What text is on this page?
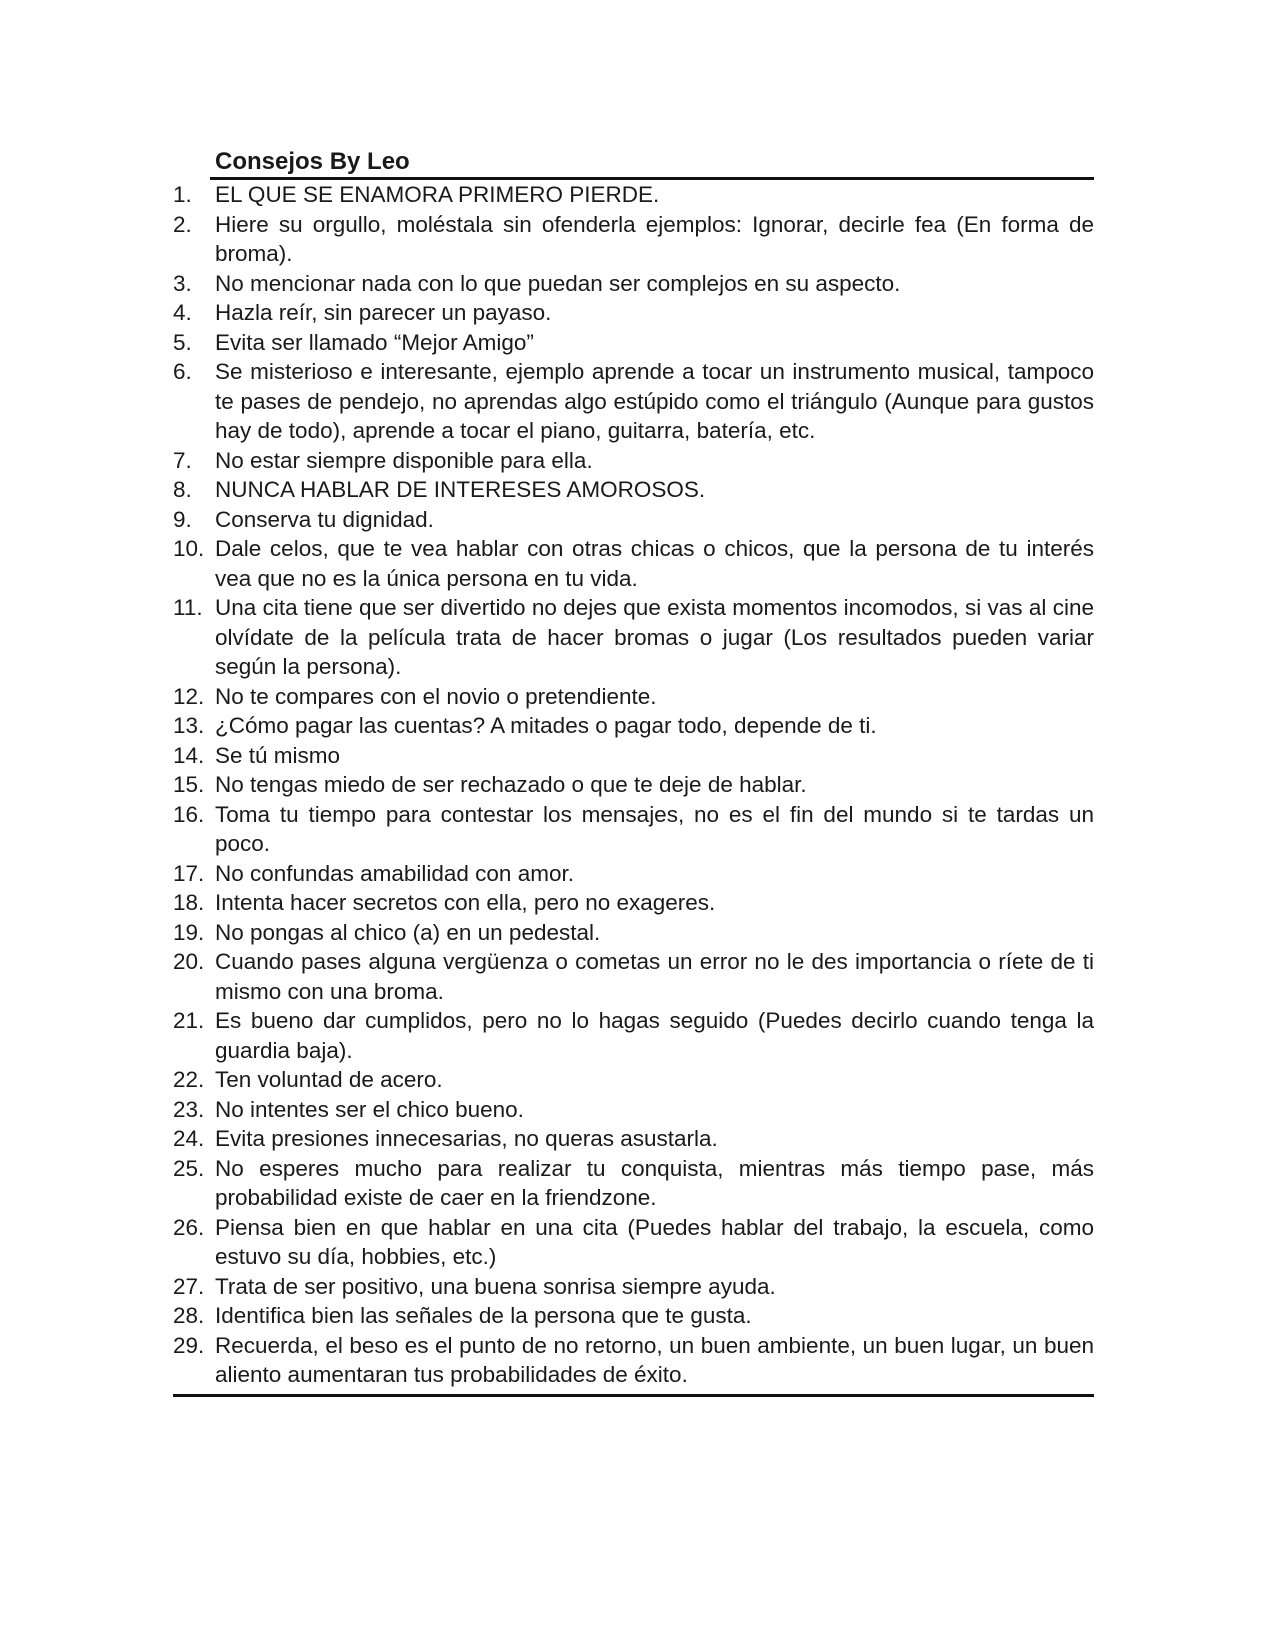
Consejos By Leo
1.	EL QUE SE ENAMORA PRIMERO PIERDE.
2.	Hiere su orgullo, moléstala sin ofenderla ejemplos: Ignorar, decirle fea (En forma de broma).
3.	No mencionar nada con lo que puedan ser complejos en su aspecto.
4.	Hazla reír, sin parecer un payaso.
5.	Evita ser llamado “Mejor Amigo”
6.	Se misterioso e interesante, ejemplo aprende a tocar un instrumento musical, tampoco te pases de pendejo, no aprendas algo estúpido como el triángulo (Aunque para gustos hay de todo), aprende a tocar el piano, guitarra, batería, etc.
7.	No estar siempre disponible para ella.
8.	NUNCA HABLAR DE INTERESES AMOROSOS.
9.	Conserva tu dignidad.
10. Dale celos, que te vea hablar con otras chicas o chicos, que la persona de tu interés vea que no es la única persona en tu vida.
11. Una cita tiene que ser divertido no dejes que exista momentos incomodos, si vas al cine olvídate de la película trata de hacer bromas o jugar (Los resultados pueden variar según la persona).
12. No te compares con el novio o pretendiente.
13. ¿Cómo pagar las cuentas? A mitades o pagar todo, depende de ti.
14. Se tú mismo
15. No tengas miedo de ser rechazado o que te deje de hablar.
16. Toma tu tiempo para contestar los mensajes, no es el fin del mundo si te tardas un poco.
17. No confundas amabilidad con amor.
18. Intenta hacer secretos con ella, pero no exageres.
19. No pongas al chico (a) en un pedestal.
20. Cuando pases alguna vergüenza o cometas un error no le des importancia o ríete de ti mismo con una broma.
21. Es bueno dar cumplidos, pero no lo hagas seguido (Puedes decirlo cuando tenga la guardia baja).
22. Ten voluntad de acero.
23. No intentes ser el chico bueno.
24. Evita presiones innecesarias, no queras asustarla.
25. No esperes mucho para realizar tu conquista, mientras más tiempo pase, más probabilidad existe de caer en la friendzone.
26. Piensa bien en que hablar en una cita (Puedes hablar del trabajo, la escuela, como estuvo su día, hobbies, etc.)
27. Trata de ser positivo, una buena sonrisa siempre ayuda.
28. Identifica bien las señales de la persona que te gusta.
29. Recuerda, el beso es el punto de no retorno, un buen ambiente, un buen lugar, un buen aliento aumentaran tus probabilidades de éxito.
